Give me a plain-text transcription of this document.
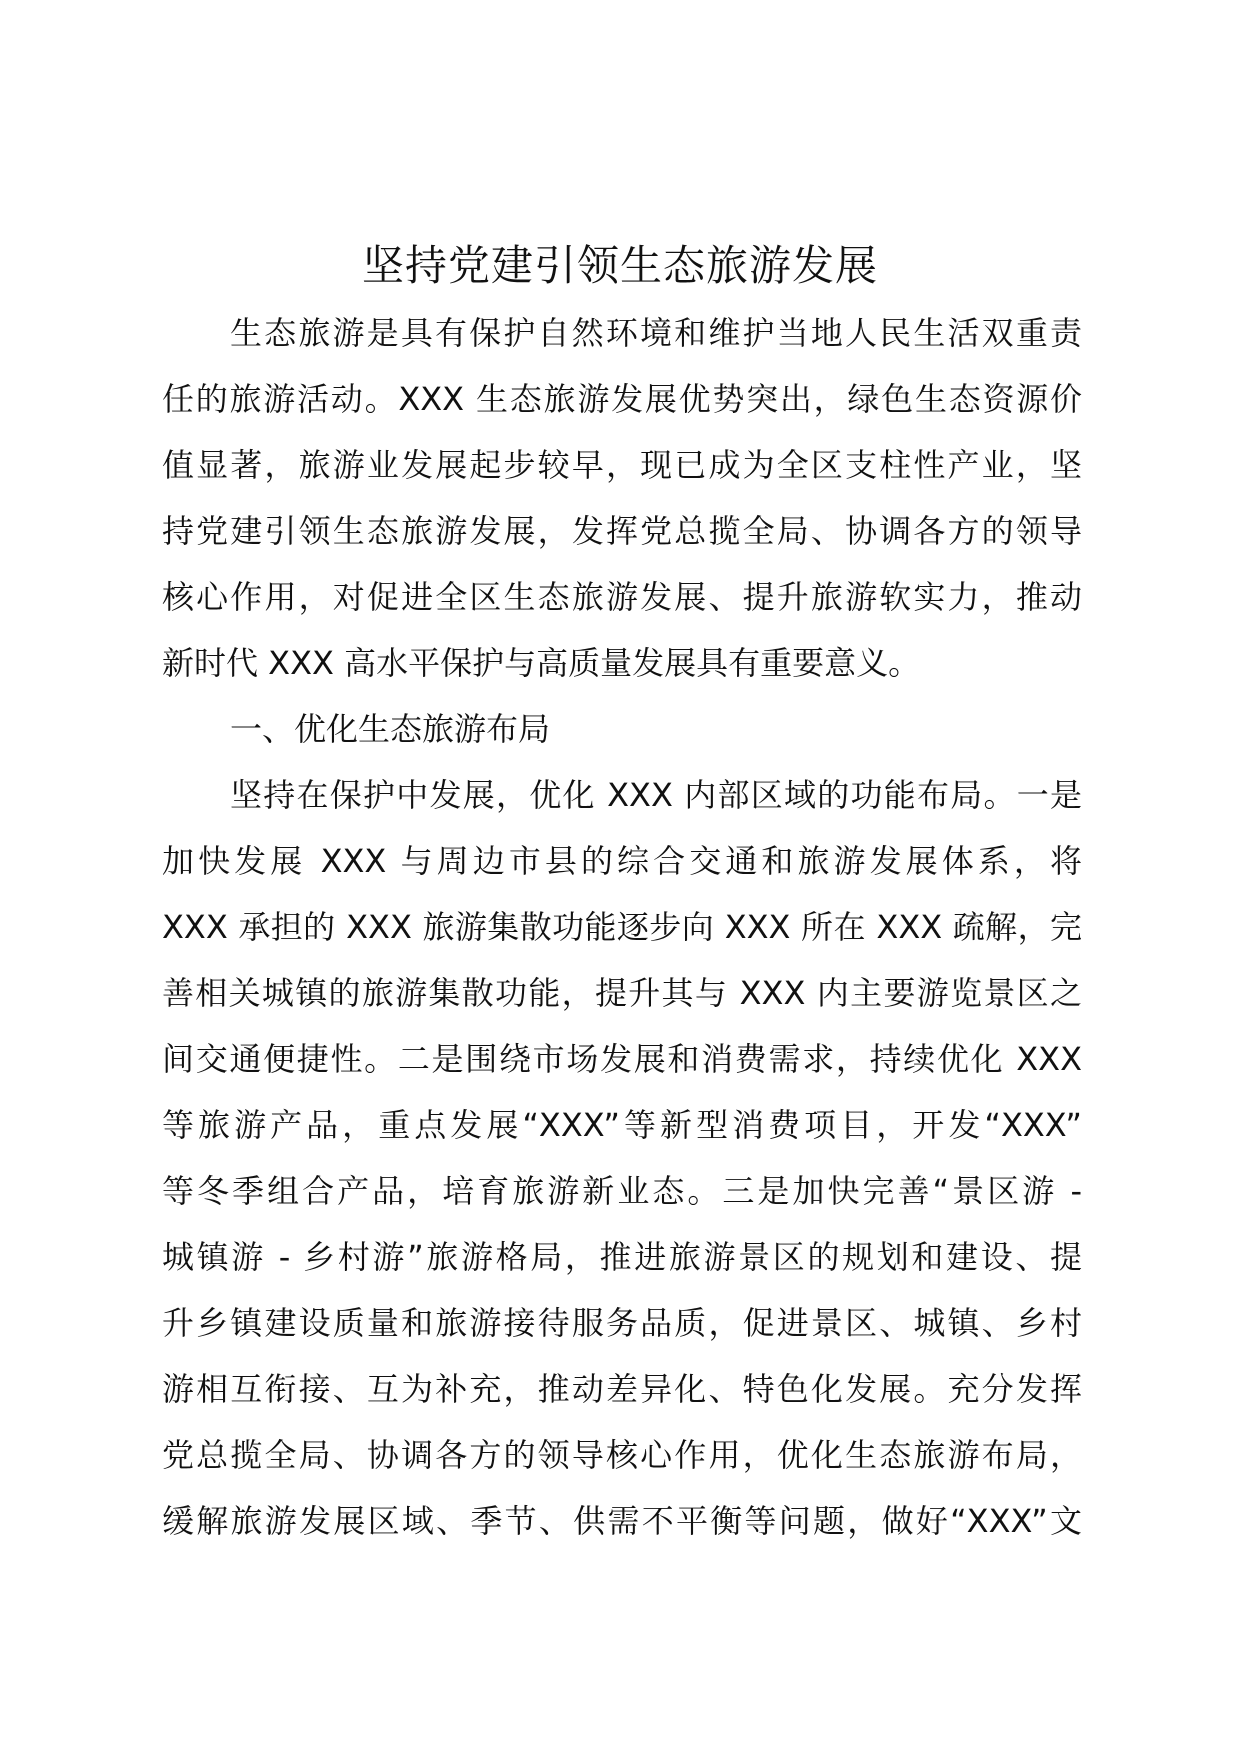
坚持党建引领生态旅游发展
生态旅游是具有保护自然环境和维护当地人民生活双重责
任的旅游活动。XXX 生态旅游发展优势突出，绿色生态资源价
值显著，旅游业发展起步较早，现已成为全区支柱性产业，坚
持党建引领生态旅游发展，发挥党总揽全局、协调各方的领导
核心作用，对促进全区生态旅游发展、提升旅游软实力，推动
新时代 XXX 高水平保护与高质量发展具有重要意义。
一、优化生态旅游布局
坚持在保护中发展，优化 XXX 内部区域的功能布局。一是
加快发展 XXX 与周边市县的综合交通和旅游发展体系，将
XXX 承担的 XXX 旅游集散功能逐步向 XXX 所在 XXX 疏解，完
善相关城镇的旅游集散功能，提升其与 XXX 内主要游览景区之
间交通便捷性。二是围绕市场发展和消费需求，持续优化 XXX
等旅游产品，重点发展“XXX”等新型消费项目，开发“XXX”
等冬季组合产品，培育旅游新业态。三是加快完善“景区游 -
城镇游 - 乡村游”旅游格局，推进旅游景区的规划和建设、提
升乡镇建设质量和旅游接待服务品质，促进景区、城镇、乡村
游相互衔接、互为补充，推动差异化、特色化发展。充分发挥
党总揽全局、协调各方的领导核心作用，优化生态旅游布局，
缓解旅游发展区域、季节、供需不平衡等问题，做好“XXX”文
